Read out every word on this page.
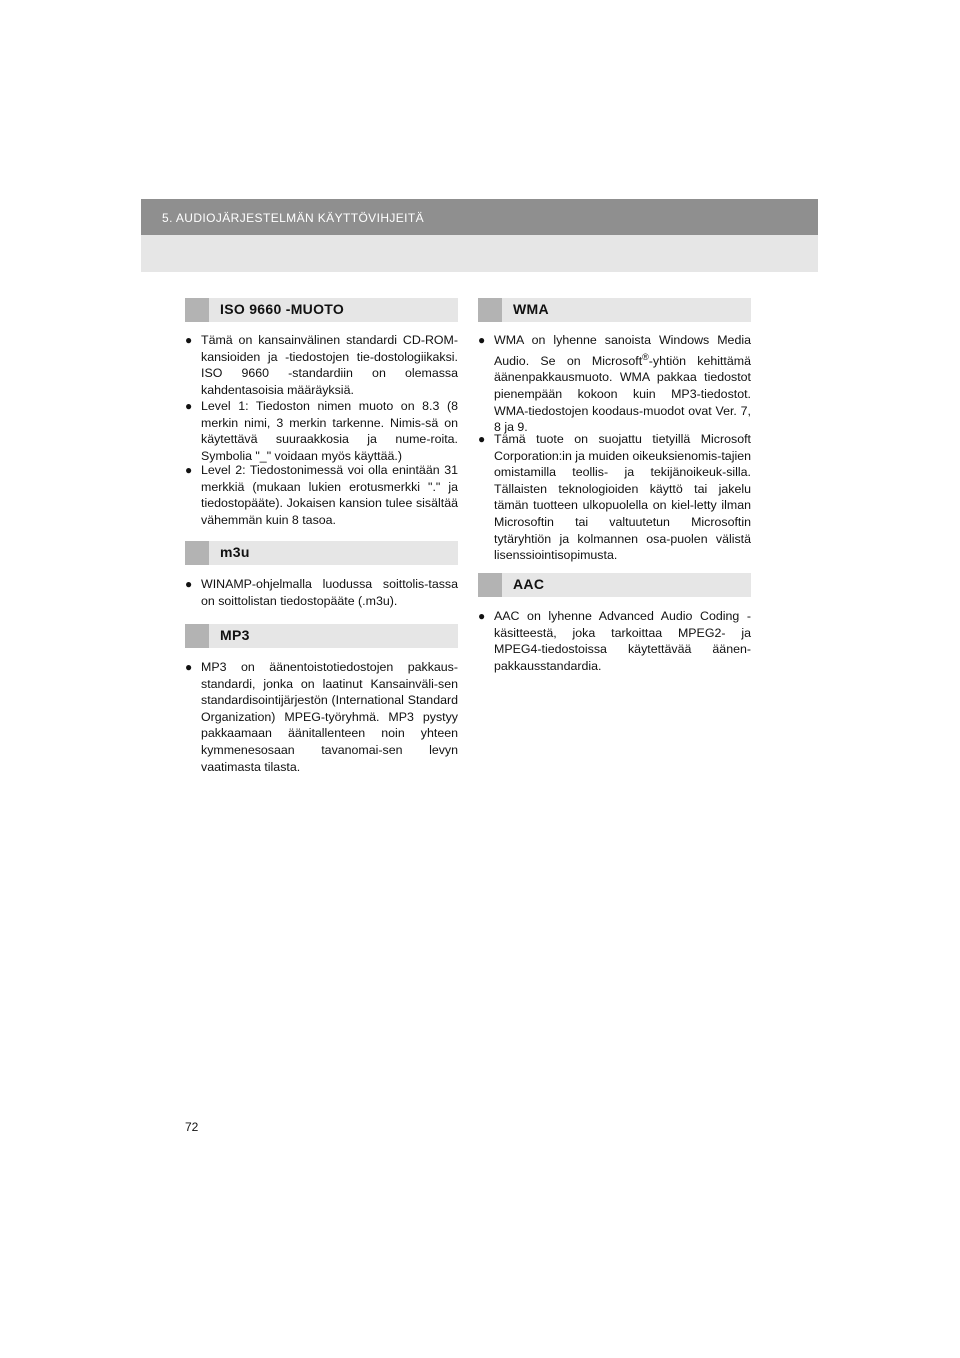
5. AUDIOJÄRJESTELMÄN KÄYTTÖVIHJEITÄ
ISO 9660 -MUOTO
● Tämä on kansainvälinen standardi CD-ROM-kansioiden ja -tiedostojen tie-dostologiikaksi. ISO 9660 -standardiin on olemassa kahdentasoisia määräyksiä.
● Level 1: Tiedoston nimen muoto on 8.3 (8 merkin nimi, 3 merkin tarkenne. Nimis-sä on käytettävä suuraakkosia ja nume-roita. Symbolia "_" voidaan myös käyttää.)
● Level 2: Tiedostonimessä voi olla enintään 31 merkkiä (mukaan lukien erotusmerkki "." ja tiedostopääte). Jokaisen kansion tulee sisältää vähemmän kuin 8 tasoa.
m3u
● WINAMP-ohjelmalla luodussa soittolis-tassa on soittolistan tiedostopääte (.m3u).
MP3
● MP3 on äänentoistotiedostojen pakkaus-standardi, jonka on laatinut Kansainväli-sen standardisointijärjestön (International Standard Organization) MPEG-työryhmä. MP3 pystyy pakkaamaan äänitallenteen noin yhteen kymmenesosaan tavanomai-sen levyn vaatimasta tilasta.
WMA
● WMA on lyhenne sanoista Windows Media Audio. Se on Microsoft®-yhtiön kehittämä äänenpakkausmuoto. WMA pakkaa tiedostot pienempään kokoon kuin MP3-tiedostot. WMA-tiedostojen koodaus-muodot ovat Ver. 7, 8 ja 9.
● Tämä tuote on suojattu tietyillä Microsoft Corporation:in ja muiden oikeuksienomis-tajien omistamilla teollis- ja tekijänoikeuk-silla. Tällaisten teknologioiden käyttö tai jakelu tämän tuotteen ulkopuolella on kiel-letty ilman Microsoftin tai valtuutetun Microsoftin tytäryhtiön ja kolmannen osa-puolen välistä lisenssiointisopimusta.
AAC
● AAC on lyhenne Advanced Audio Coding -käsitteestä, joka tarkoittaa MPEG2- ja MPEG4-tiedostoissa käytettävää äänen-pakkausstandardia.
72
